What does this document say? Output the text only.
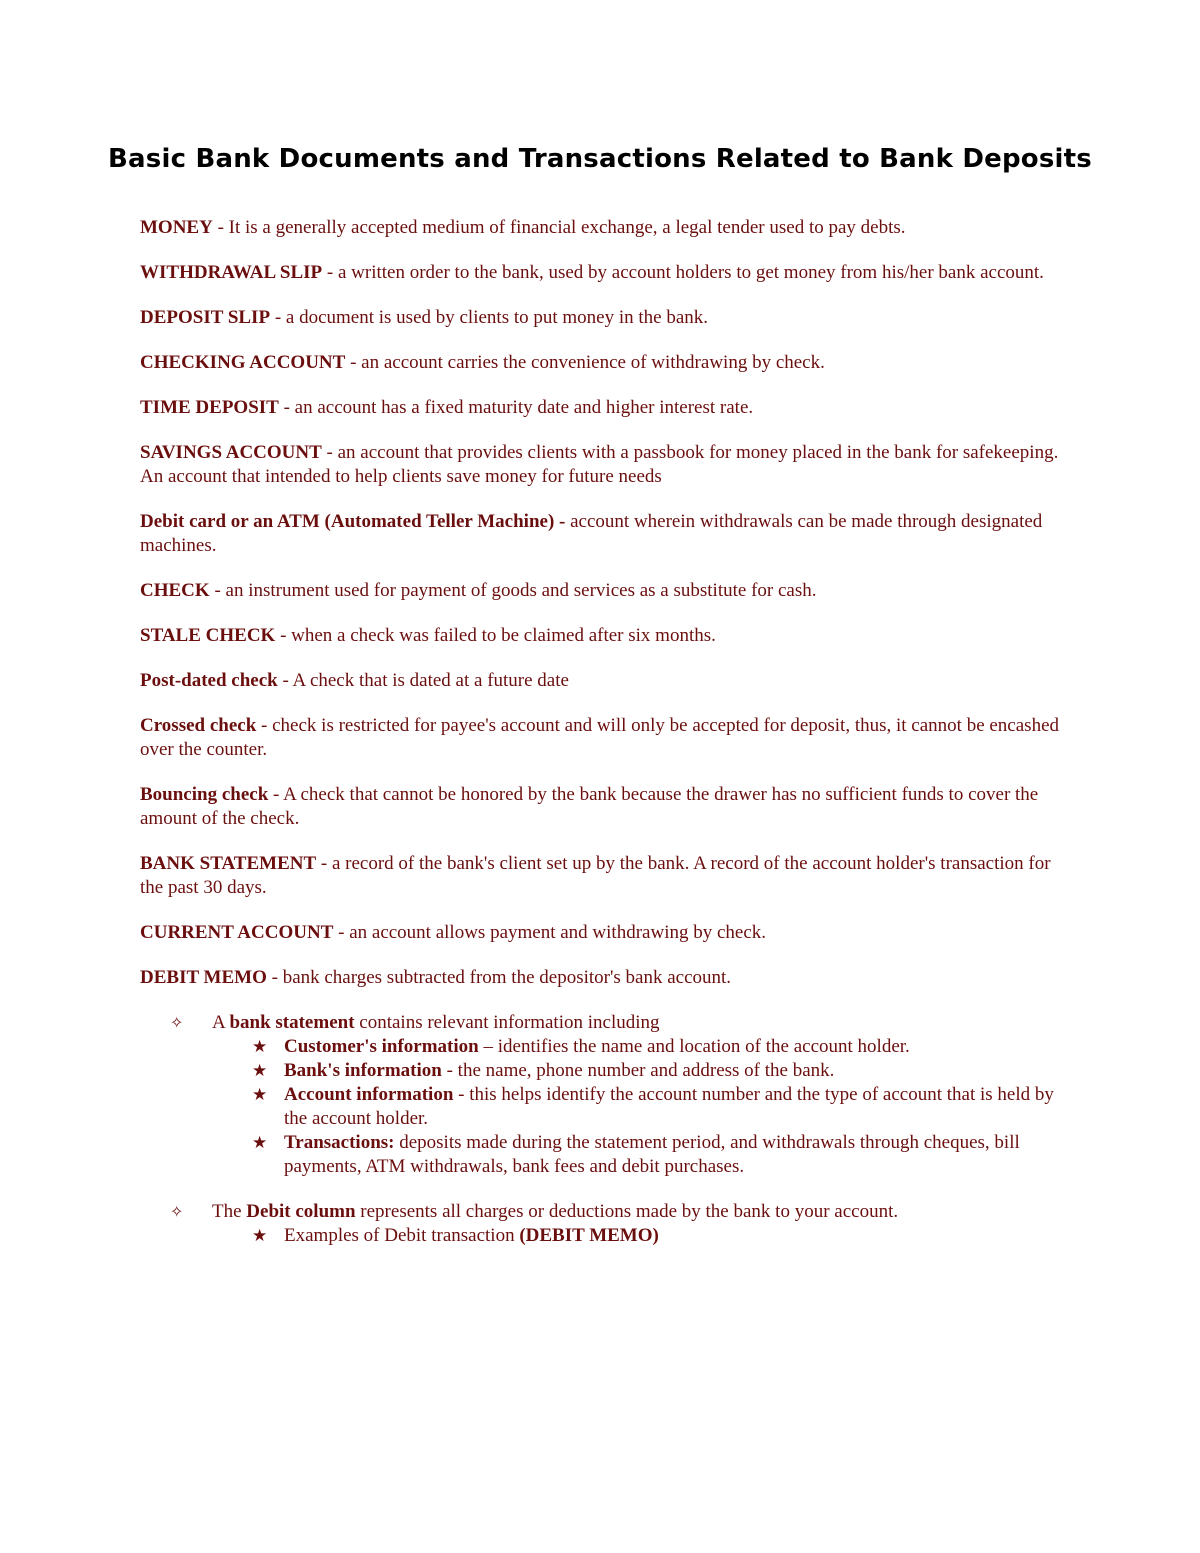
Basic Bank Documents and Transactions Related to Bank Deposits

MONEY - It is a generally accepted medium of financial exchange, a legal tender used to pay debts.

WITHDRAWAL SLIP - a written order to the bank, used by account holders to get money from his/her bank account.

DEPOSIT SLIP - a document is used by clients to put money in the bank.

CHECKING ACCOUNT - an account carries the convenience of withdrawing by check.

TIME DEPOSIT - an account has a fixed maturity date and higher interest rate.

SAVINGS ACCOUNT - an account that provides clients with a passbook for money placed in the bank for safekeeping. An account that intended to help clients save money for future needs

Debit card or an ATM (Automated Teller Machine) - account wherein withdrawals can be made through designated machines.

CHECK - an instrument used for payment of goods and services as a substitute for cash.

STALE CHECK - when a check was failed to be claimed after six months.

Post-dated check - A check that is dated at a future date

Crossed check - check is restricted for payee's account and will only be accepted for deposit, thus, it cannot be encashed over the counter.

Bouncing check - A check that cannot be honored by the bank because the drawer has no sufficient funds to cover the amount of the check.

BANK STATEMENT - a record of the bank's client set up by the bank. A record of the account holder's transaction for the past 30 days.

CURRENT ACCOUNT - an account allows payment and withdrawing by check.

DEBIT MEMO - bank charges subtracted from the depositor's bank account.

✧ A bank statement contains relevant information including
★ Customer's information – identifies the name and location of the account holder.
★ Bank's information - the name, phone number and address of the bank.
★ Account information - this helps identify the account number and the type of account that is held by the account holder.
★ Transactions: deposits made during the statement period, and withdrawals through cheques, bill payments, ATM withdrawals, bank fees and debit purchases.
✧ The Debit column represents all charges or deductions made by the bank to your account.
★ Examples of Debit transaction (DEBIT MEMO)
